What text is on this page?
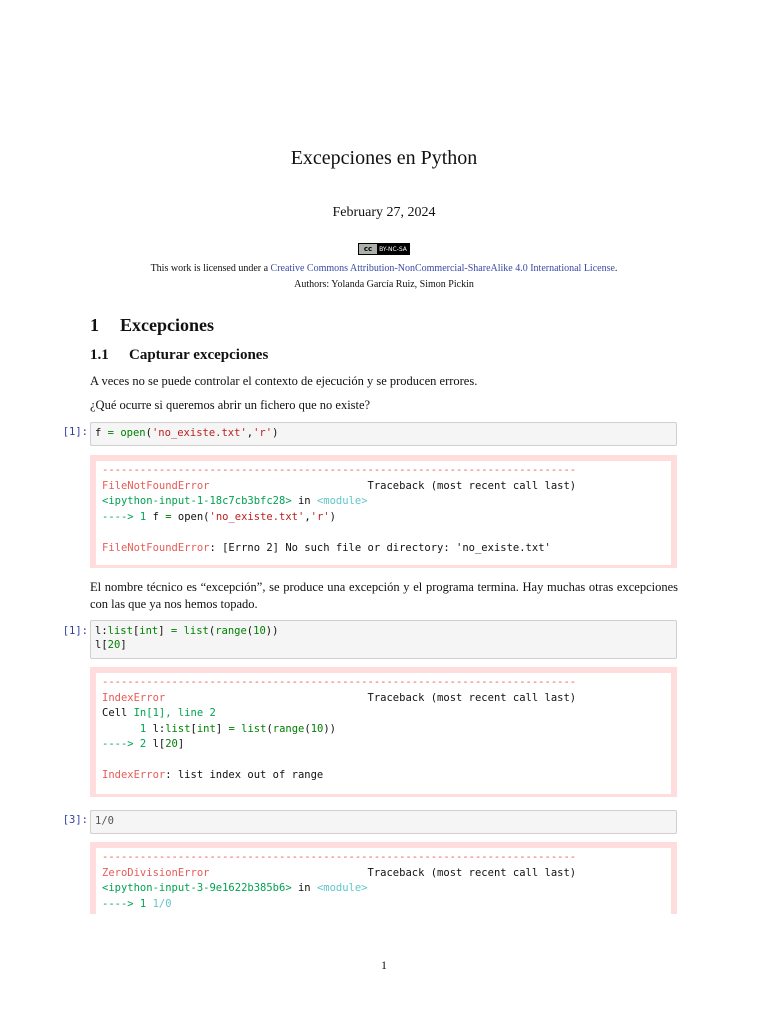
Excepciones en Python
February 27, 2024
cc	BY-NC-SA
This work is licensed under a Creative Commons Attribution-NonCommercial-ShareAlike 4.0 International License.
Authors: Yolanda García Ruiz, Simon Pickin
1 Excepciones
1.1 Capturar excepciones
A veces no se puede controlar el contexto de ejecución y se producen errores.
¿Qué ocurre si queremos abrir un fichero que no existe?
[1]: f = open('no_existe.txt','r')
---------------------------------------------------------------------------
FileNotFoundError	Traceback (most recent call last)
<ipython-input-1-18c7cb3bfc28> in <module>
----> 1 f = open('no_existe.txt','r')

FileNotFoundError: [Errno 2] No such file or directory: 'no_existe.txt'
El nombre técnico es “excepción”, se produce una excepción y el programa termina. Hay muchas otras excepciones con las que ya nos hemos topado.
[1]: l:list[int] = list(range(10))
l[20]
---------------------------------------------------------------------------
IndexError	Traceback (most recent call last)
Cell In[1], line 2
1 l:list[int] = list(range(10))
----> 2 l[20]

IndexError: list index out of range
[3]: 1/0
---------------------------------------------------------------------------
ZeroDivisionError	Traceback (most recent call last)
<ipython-input-3-9e1622b385b6> in <module>
----> 1 1/0
1
